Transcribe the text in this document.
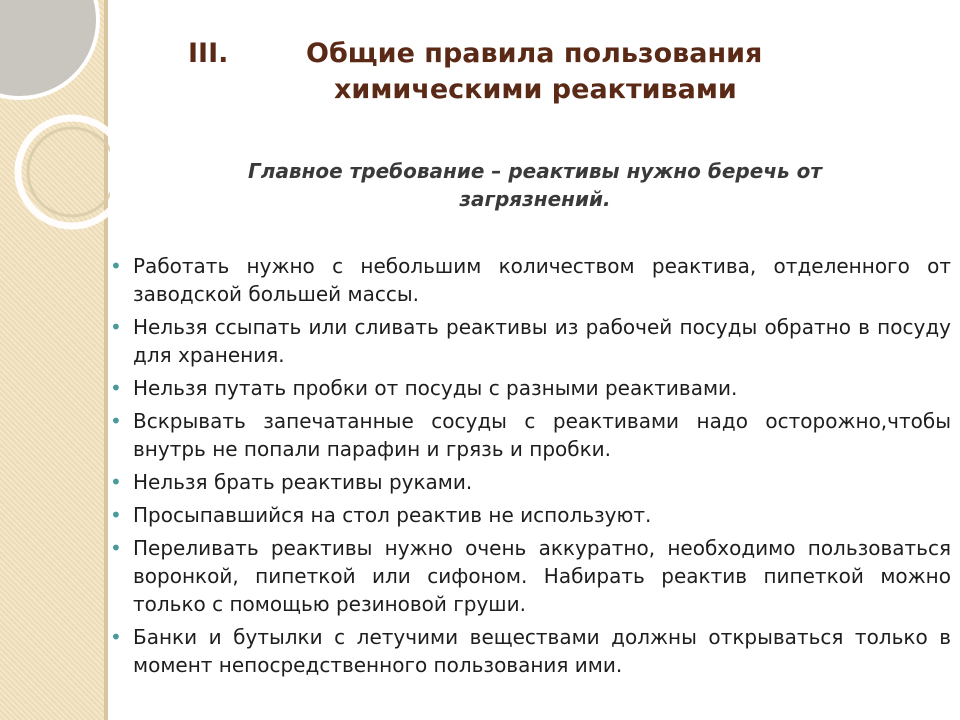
III.	Общие правила пользования
химическими реактивами
Главное требование – реактивы нужно беречь от загрязнений.
• Работать нужно с небольшим количеством реактива, отделенного от заводской большей массы.
• Нельзя ссыпать или сливать реактивы из рабочей посуды обратно в посуду для хранения.
• Нельзя путать пробки от посуды с разными реактивами.
• Вскрывать запечатанные сосуды с реактивами надо осторожно,чтобы внутрь не попали парафин и грязь и пробки.
• Нельзя брать реактивы руками.
• Просыпавшийся на стол реактив не используют.
• Переливать реактивы нужно очень аккуратно, необходимо пользоваться воронкой, пипеткой или сифоном. Набирать реактив пипеткой можно только с помощью резиновой груши.
• Банки и бутылки с летучими веществами должны открываться только в момент непосредственного пользования ими.
